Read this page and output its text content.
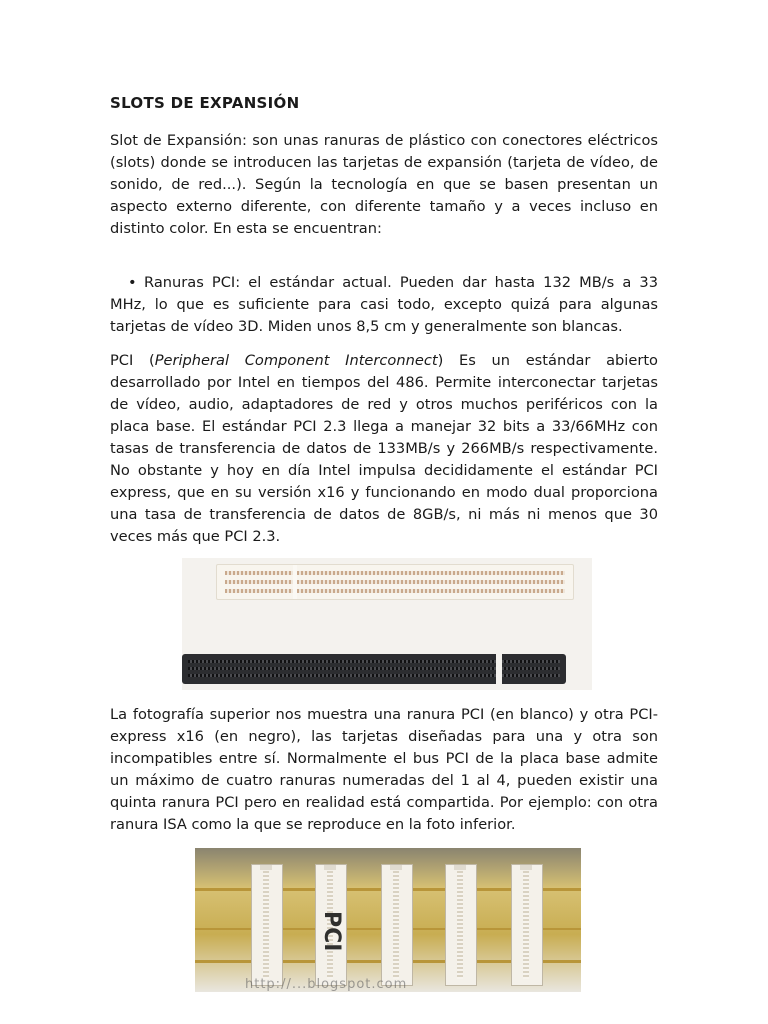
SLOTS DE EXPANSIÓN

Slot de Expansión: son unas ranuras de plástico con conectores eléctricos (slots) donde se introducen las tarjetas de expansión (tarjeta de vídeo, de sonido, de red...). Según la tecnología en que se basen presentan un aspecto externo diferente, con diferente tamaño y a veces incluso en distinto color. En esta se encuentran:

• Ranuras PCI: el estándar actual. Pueden dar hasta 132 MB/s a 33 MHz, lo que es suficiente para casi todo, excepto quizá para algunas tarjetas de vídeo 3D. Miden unos 8,5 cm y generalmente son blancas.

PCI (Peripheral Component Interconnect) Es un estándar abierto desarrollado por Intel en tiempos del 486. Permite interconectar tarjetas de vídeo, audio, adaptadores de red y otros muchos periféricos con la placa base. El estándar PCI 2.3 llega a manejar 32 bits a 33/66MHz con tasas de transferencia de datos de 133MB/s y 266MB/s respectivamente. No obstante y hoy en día Intel impulsa decididamente el estándar PCI express, que en su versión x16 y funcionando en modo dual proporciona una tasa de transferencia de datos de 8GB/s, ni más ni menos que 30 veces más que PCI 2.3.

La fotografía superior nos muestra una ranura PCI (en blanco) y otra PCI-express x16 (en negro), las tarjetas diseñadas para una y otra son incompatibles entre sí. Normalmente el bus PCI de la placa base admite un máximo de cuatro ranuras numeradas del 1 al 4, pueden existir una quinta ranura PCI pero en realidad está compartida. Por ejemplo: con otra ranura ISA como la que se reproduce en la foto inferior.

PCI
http://...blogspot.com
